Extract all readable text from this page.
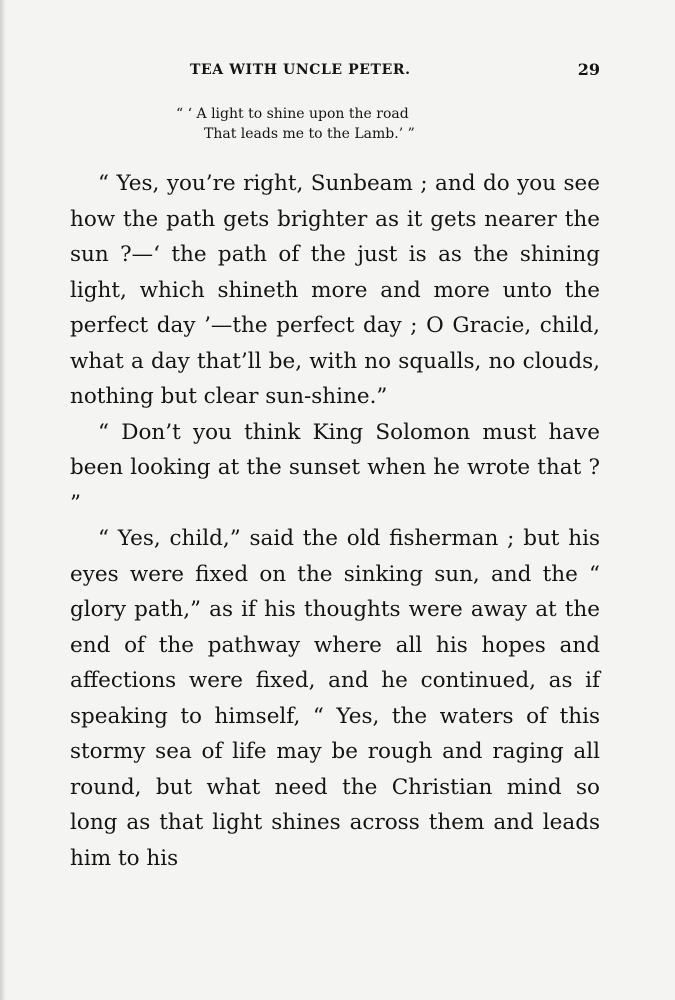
TEA WITH UNCLE PETER.	29
“ ‘ A light to shine upon the road
That leads me to the Lamb.’ ”

“ Yes, you’re right, Sunbeam ; and do you see how the path gets brighter as it gets nearer the sun ?—‘ the path of the just is as the shining light, which shineth more and more unto the perfect day ’—the perfect day ; O Gracie, child, what a day that’ll be, with no squalls, no clouds, nothing but clear sun-shine.”

“ Don’t you think King Solomon must have been looking at the sunset when he wrote that ? ”

“ Yes, child,” said the old fisherman ; but his eyes were fixed on the sinking sun, and the “ glory path,” as if his thoughts were away at the end of the pathway where all his hopes and affections were fixed, and he continued, as if speaking to himself, “ Yes, the waters of this stormy sea of life may be rough and raging all round, but what need the Christian mind so long as that light shines across them and leads him to his
